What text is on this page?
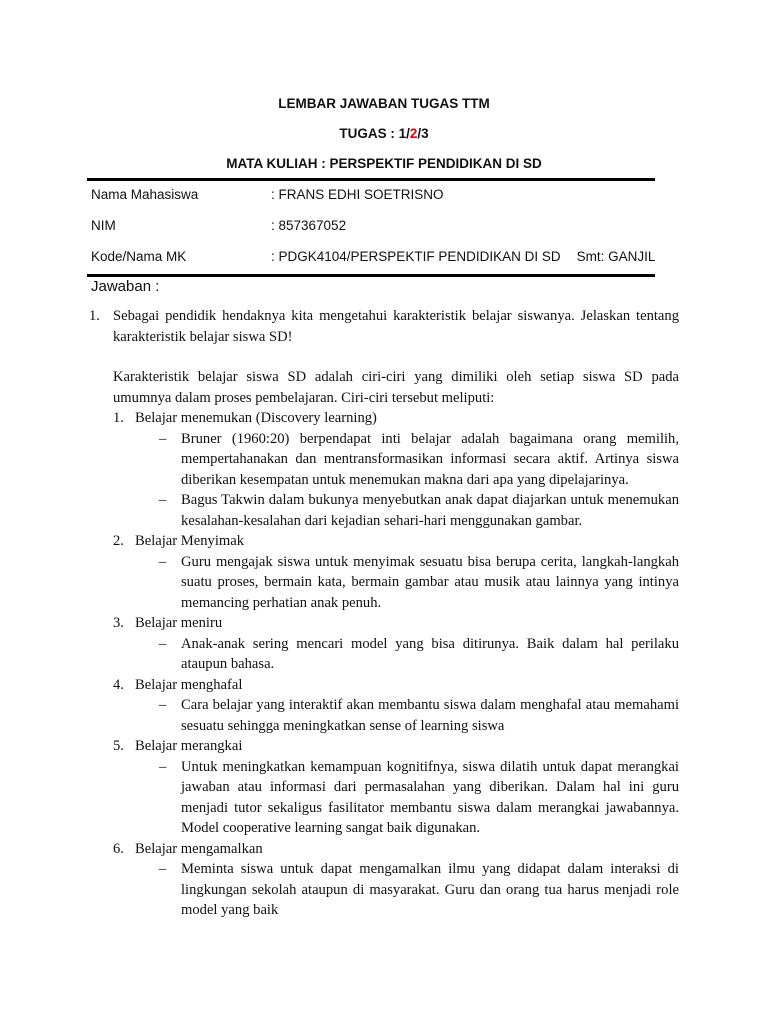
LEMBAR JAWABAN TUGAS TTM
TUGAS : 1/2/3
MATA KULIAH : PERSPEKTIF PENDIDIKAN DI SD
Nama Mahasiswa	: FRANS EDHI SOETRISNO
NIM	: 857367052
Kode/Nama MK	: PDGK4104/PERSPEKTIF PENDIDIKAN DI SD Smt: GANJIL
Jawaban :
1. Sebagai pendidik hendaknya kita mengetahui karakteristik belajar siswanya. Jelaskan tentang karakteristik belajar siswa SD!
Karakteristik belajar siswa SD adalah ciri-ciri yang dimiliki oleh setiap siswa SD pada umumnya dalam proses pembelajaran. Ciri-ciri tersebut meliputi:
1. Belajar menemukan (Discovery learning)
–	Bruner (1960:20) berpendapat inti belajar adalah bagaimana orang memilih, mempertahanakan dan mentransformasikan informasi secara aktif. Artinya siswa diberikan kesempatan untuk menemukan makna dari apa yang dipelajarinya.
–	Bagus Takwin dalam bukunya menyebutkan anak dapat diajarkan untuk menemukan kesalahan-kesalahan dari kejadian sehari-hari menggunakan gambar.
2. Belajar Menyimak
–	Guru mengajak siswa untuk menyimak sesuatu bisa berupa cerita, langkah-langkah suatu proses, bermain kata, bermain gambar atau musik atau lainnya yang intinya memancing perhatian anak penuh.
3. Belajar meniru
–	Anak-anak sering mencari model yang bisa ditirunya. Baik dalam hal perilaku ataupun bahasa.
4. Belajar menghafal
–	Cara belajar yang interaktif akan membantu siswa dalam menghafal atau memahami sesuatu sehingga meningkatkan sense of learning siswa
5. Belajar merangkai
–	Untuk meningkatkan kemampuan kognitifnya, siswa dilatih untuk dapat merangkai jawaban atau informasi dari permasalahan yang diberikan. Dalam hal ini guru menjadi tutor sekaligus fasilitator membantu siswa dalam merangkai jawabannya. Model cooperative learning sangat baik digunakan.
6. Belajar mengamalkan
–	Meminta siswa untuk dapat mengamalkan ilmu yang didapat dalam interaksi di lingkungan sekolah ataupun di masyarakat. Guru dan orang tua harus menjadi role model yang baik
